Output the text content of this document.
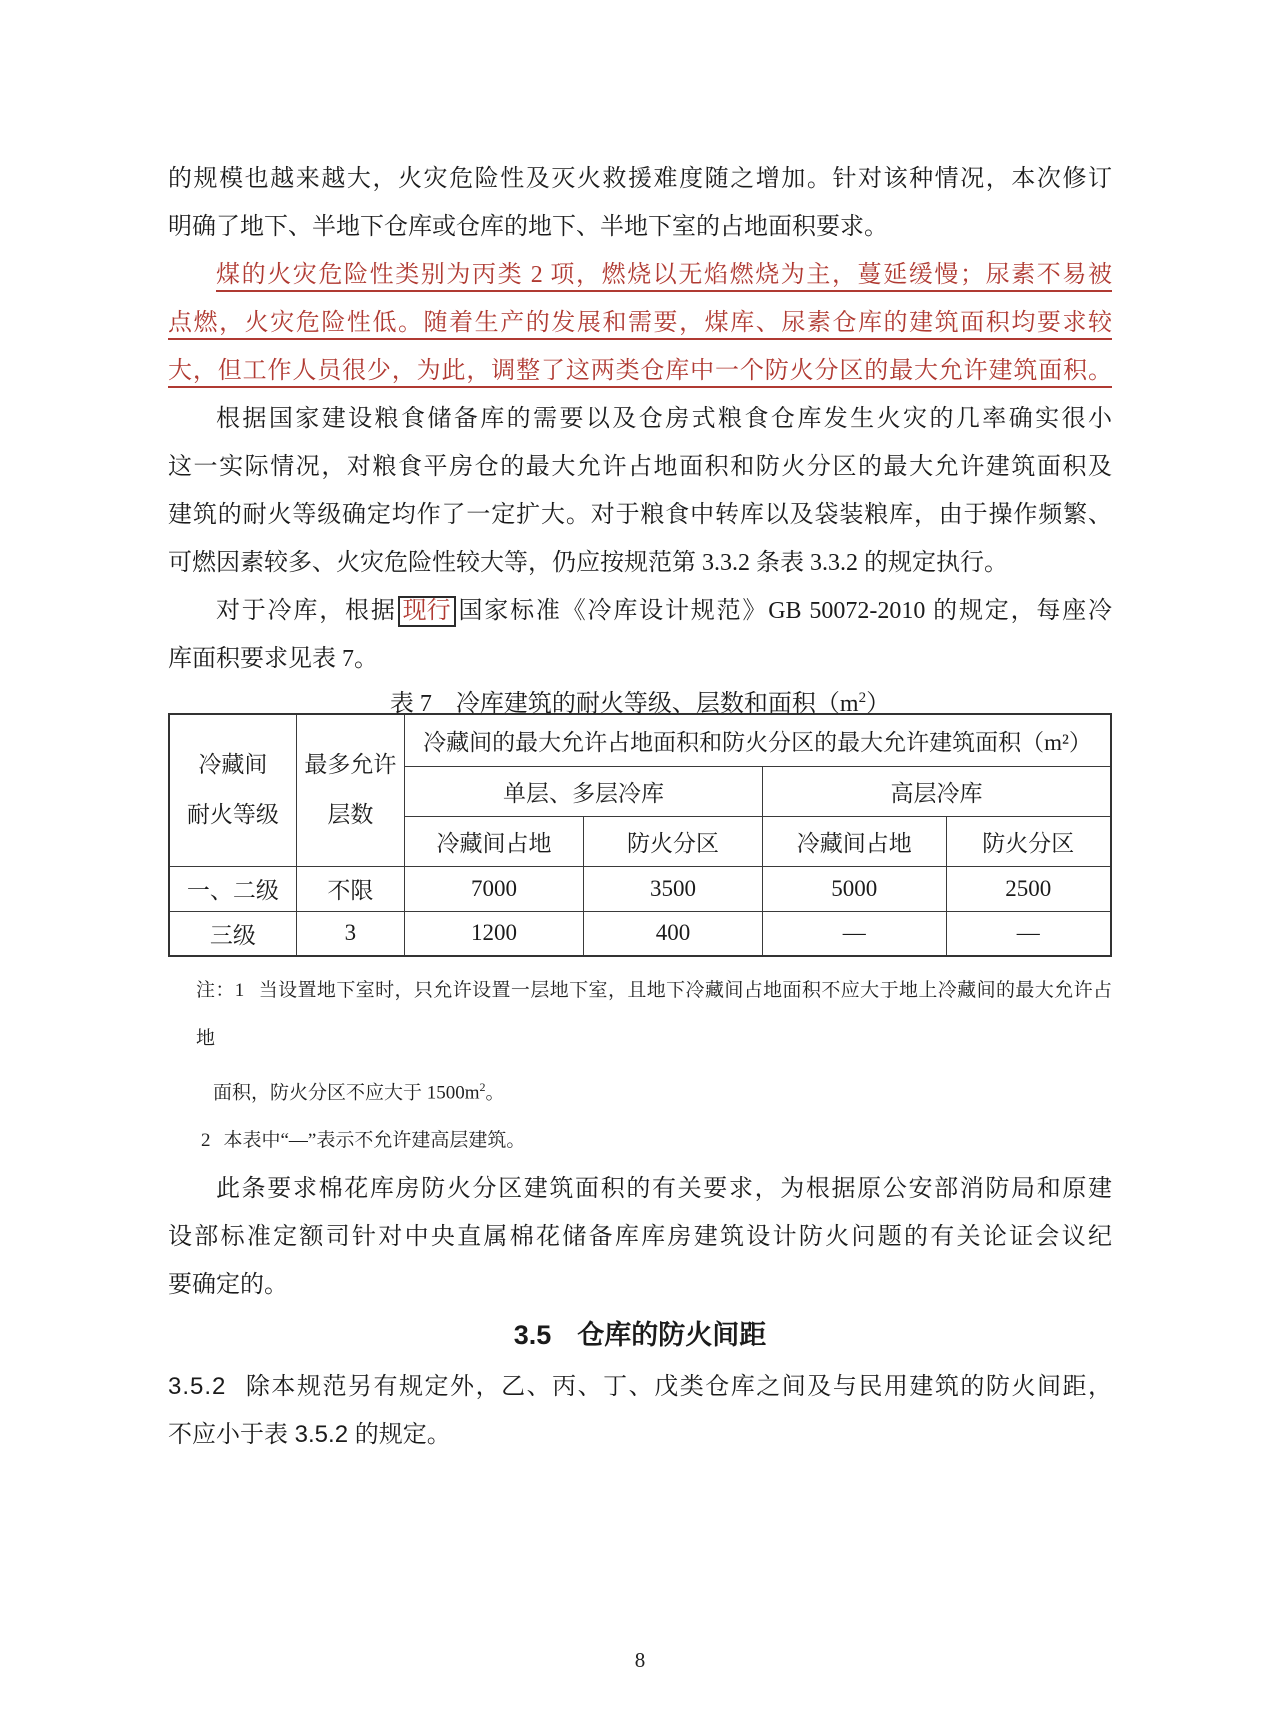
的规模也越来越大，火灾危险性及灭火救援难度随之增加。针对该种情况，本次修订
明确了地下、半地下仓库或仓库的地下、半地下室的占地面积要求。
煤的火灾危险性类别为丙类 2 项，燃烧以无焰燃烧为主，蔓延缓慢；尿素不易被
点燃，火灾危险性低。随着生产的发展和需要，煤库、尿素仓库的建筑面积均要求较
大，但工作人员很少，为此，调整了这两类仓库中一个防火分区的最大允许建筑面积。
根据国家建设粮食储备库的需要以及仓房式粮食仓库发生火灾的几率确实很小
这一实际情况，对粮食平房仓的最大允许占地面积和防火分区的最大允许建筑面积及
建筑的耐火等级确定均作了一定扩大。对于粮食中转库以及袋装粮库，由于操作频繁、
可燃因素较多、火灾危险性较大等，仍应按规范第 3.3.2 条表 3.3.2 的规定执行。
对于冷库，根据 现行 国家标准《冷库设计规范》GB 50072-2010 的规定，每座冷
库面积要求见表 7。
表 7　冷库建筑的耐火等级、层数和面积$(m^2)$
冷藏间
耐火等级

最多允许
层数
	冷藏间的最大允许占地面积和防火分区的最大允许建筑面积（m²）
		单层、多层冷库		高层冷库	
		冷藏间占地	防火分区	冷藏间占地	防火分区
一、二级	不限	7000	3500	5000	2500
三级	3	1200	400	—	—
注：1 当设置地下室时，只允许设置一层地下室，且地下冷藏间占地面积不应大于地上冷藏间的最大允许占地
面积，防火分区不应大于 $1500m^2$。
2 本表中“—”表示不允许建高层建筑。
此条要求棉花库房防火分区建筑面积的有关要求，为根据原公安部消防局和原建
设部标准定额司针对中央直属棉花储备库库房建筑设计防火问题的有关论证会议纪
要确定的。
3.5 仓库的防火间距
3.5.2 除本规范另有规定外，乙、丙、丁、戊类仓库之间及与民用建筑的防火间距，
不应小于表 3.5.2 的规定。
8
